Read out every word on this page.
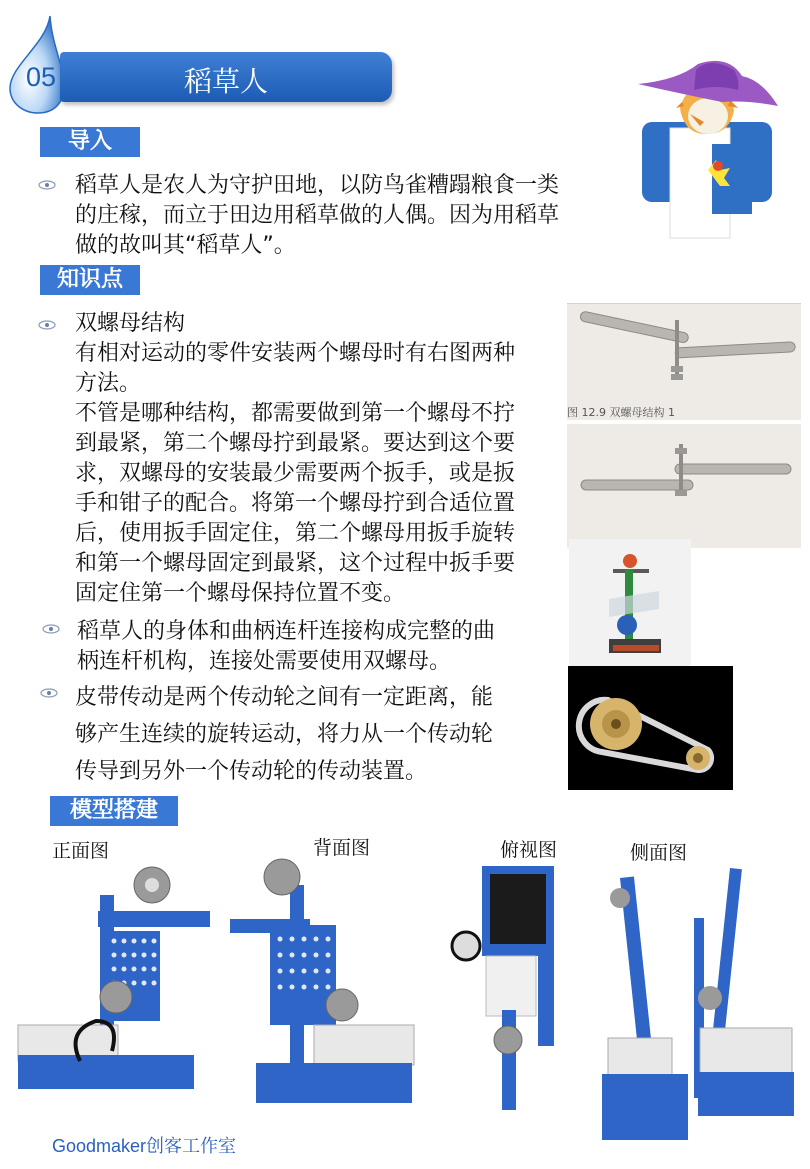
稻草人
05
导入
稻草人是农人为守护田地，以防鸟雀糟蹋粮食一类
的庄稼，而立于田边用稻草做的人偶。因为用稻草
做的故叫其“稻草人”。
知识点
双螺母结构
有相对运动的零件安装两个螺母时有右图两种
方法。
不管是哪种结构，都需要做到第一个螺母不拧
到最紧，第二个螺母拧到最紧。要达到这个要
求，双螺母的安装最少需要两个扳手，或是扳
手和钳子的配合。将第一个螺母拧到合适位置
后，使用扳手固定住，第二个螺母用扳手旋转
和第一个螺母固定到最紧，这个过程中扳手要
固定住第一个螺母保持位置不变。
稻草人的身体和曲柄连杆连接构成完整的曲
柄连杆机构，连接处需要使用双螺母。
皮带传动是两个传动轮之间有一定距离，能
够产生连续的旋转运动，将力从一个传动轮
传导到另外一个传动轮的传动装置。
图 12.9 双螺母结构 1
模型搭建
正面图	背面图	俯视图	侧面图
Goodmaker创客工作室
